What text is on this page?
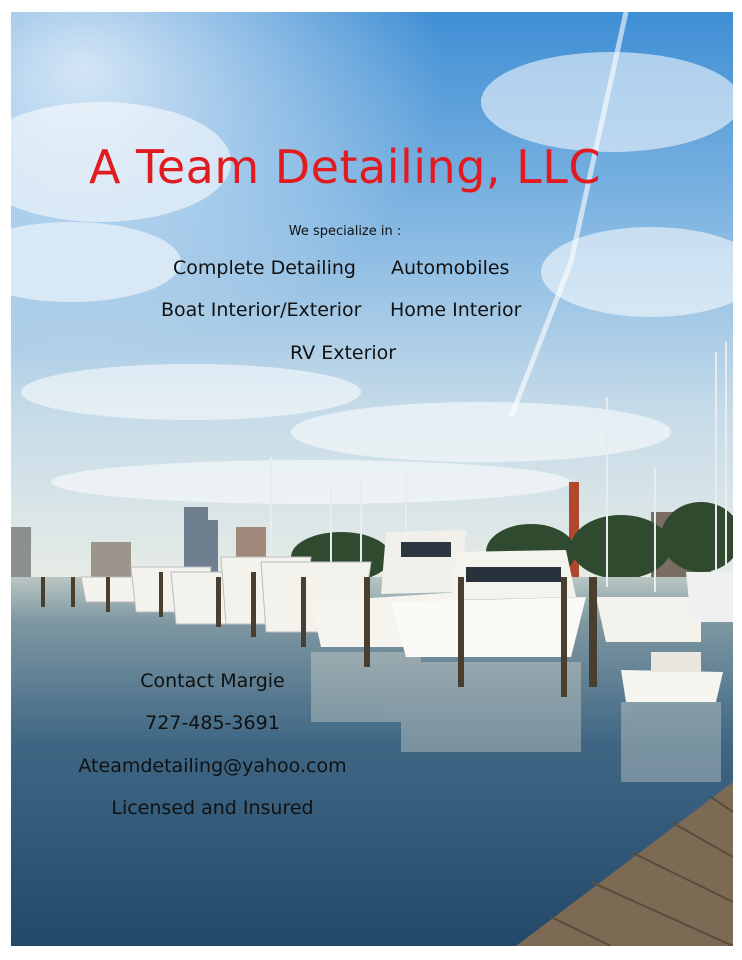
A Team Detailing, LLC
We specialize in :
Complete Detailing Automobiles
Boat Interior/Exterior Home Interior
RV Exterior
Contact Margie
727-485-3691
Ateamdetailing@yahoo.com
Licensed and Insured
